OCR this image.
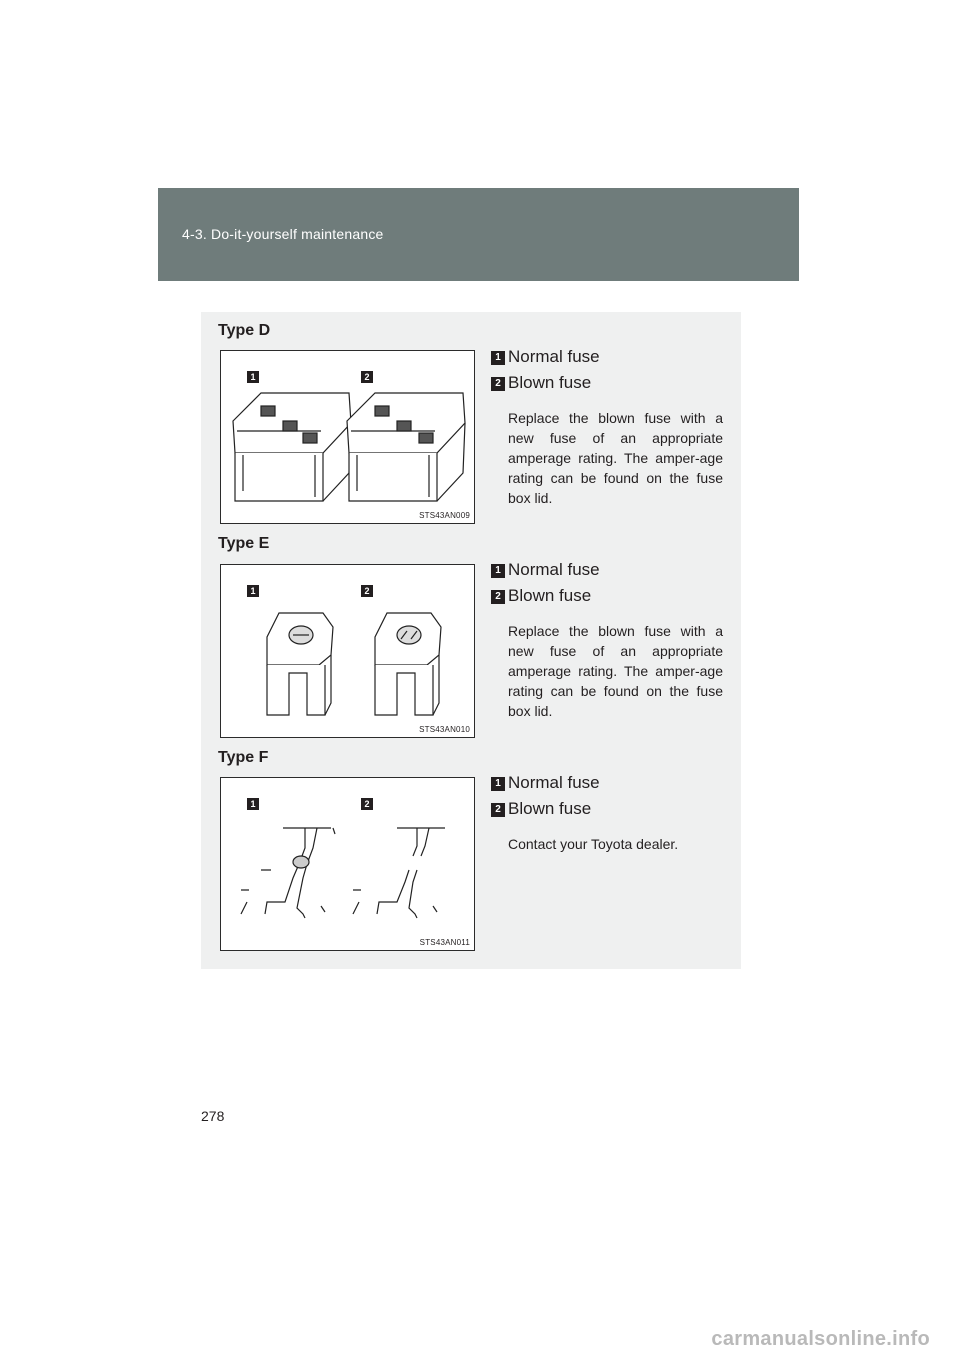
4-3. Do-it-yourself maintenance
Type D
1	2
STS43AN009
1 Normal fuse
2 Blown fuse
Replace the blown fuse with a new fuse of an appropriate amperage rating. The amper-age rating can be found on the fuse box lid.
Type E
1	2
STS43AN010
1 Normal fuse
2 Blown fuse
Replace the blown fuse with a new fuse of an appropriate amperage rating. The amper-age rating can be found on the fuse box lid.
Type F
1	2
STS43AN011
1 Normal fuse
2 Blown fuse
Contact your Toyota dealer.
278
carmanualsonline.info
